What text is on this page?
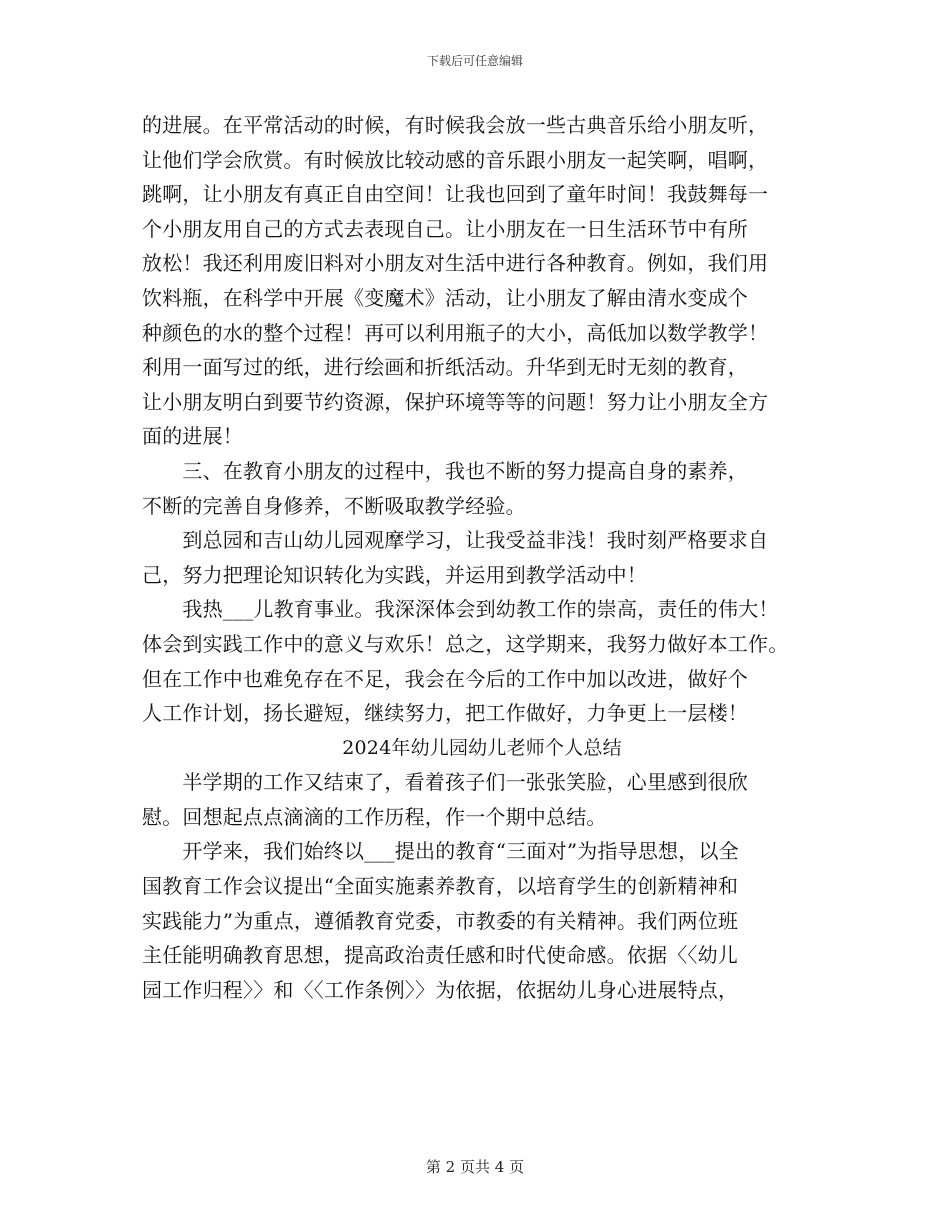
下载后可任意编辑
的进展。在平常活动的时候，有时候我会放一些古典音乐给小朋友听，
让他们学会欣赏。有时候放比较动感的音乐跟小朋友一起笑啊，唱啊，
跳啊，让小朋友有真正自由空间！让我也回到了童年时间！我鼓舞每一
个小朋友用自己的方式去表现自己。让小朋友在一日生活环节中有所
放松！我还利用废旧料对小朋友对生活中进行各种教育。例如，我们用
饮料瓶，在科学中开展《变魔术》活动，让小朋友了解由清水变成个
种颜色的水的整个过程！再可以利用瓶子的大小，高低加以数学教学！
利用一面写过的纸，进行绘画和折纸活动。升华到无时无刻的教育，
让小朋友明白到要节约资源，保护环境等等的问题！努力让小朋友全方
面的进展！
　　三、在教育小朋友的过程中，我也不断的努力提高自身的素养，
不断的完善自身修养，不断吸取教学经验。
　　到总园和吉山幼儿园观摩学习，让我受益非浅！我时刻严格要求自
己，努力把理论知识转化为实践，并运用到教学活动中！
　　我热___儿教育事业。我深深体会到幼教工作的崇高，责任的伟大！
体会到实践工作中的意义与欢乐！总之，这学期来，我努力做好本工作。
但在工作中也难免存在不足，我会在今后的工作中加以改进，做好个
人工作计划，扬长避短，继续努力，把工作做好，力争更上一层楼！
2024年幼儿园幼儿老师个人总结
　　半学期的工作又结束了，看着孩子们一张张笑脸，心里感到很欣
慰。回想起点点滴滴的工作历程，作一个期中总结。
　　开学来，我们始终以___提出的教育“三面对”为指导思想，以全
国教育工作会议提出“全面实施素养教育，以培育学生的创新精神和
实践能力”为重点，遵循教育党委，市教委的有关精神。我们两位班
主任能明确教育思想，提高政治责任感和时代使命感。依据〈〈幼儿
园工作归程〉〉和〈〈工作条例〉〉为依据，依据幼儿身心进展特点，
第 2 页共 4 页
